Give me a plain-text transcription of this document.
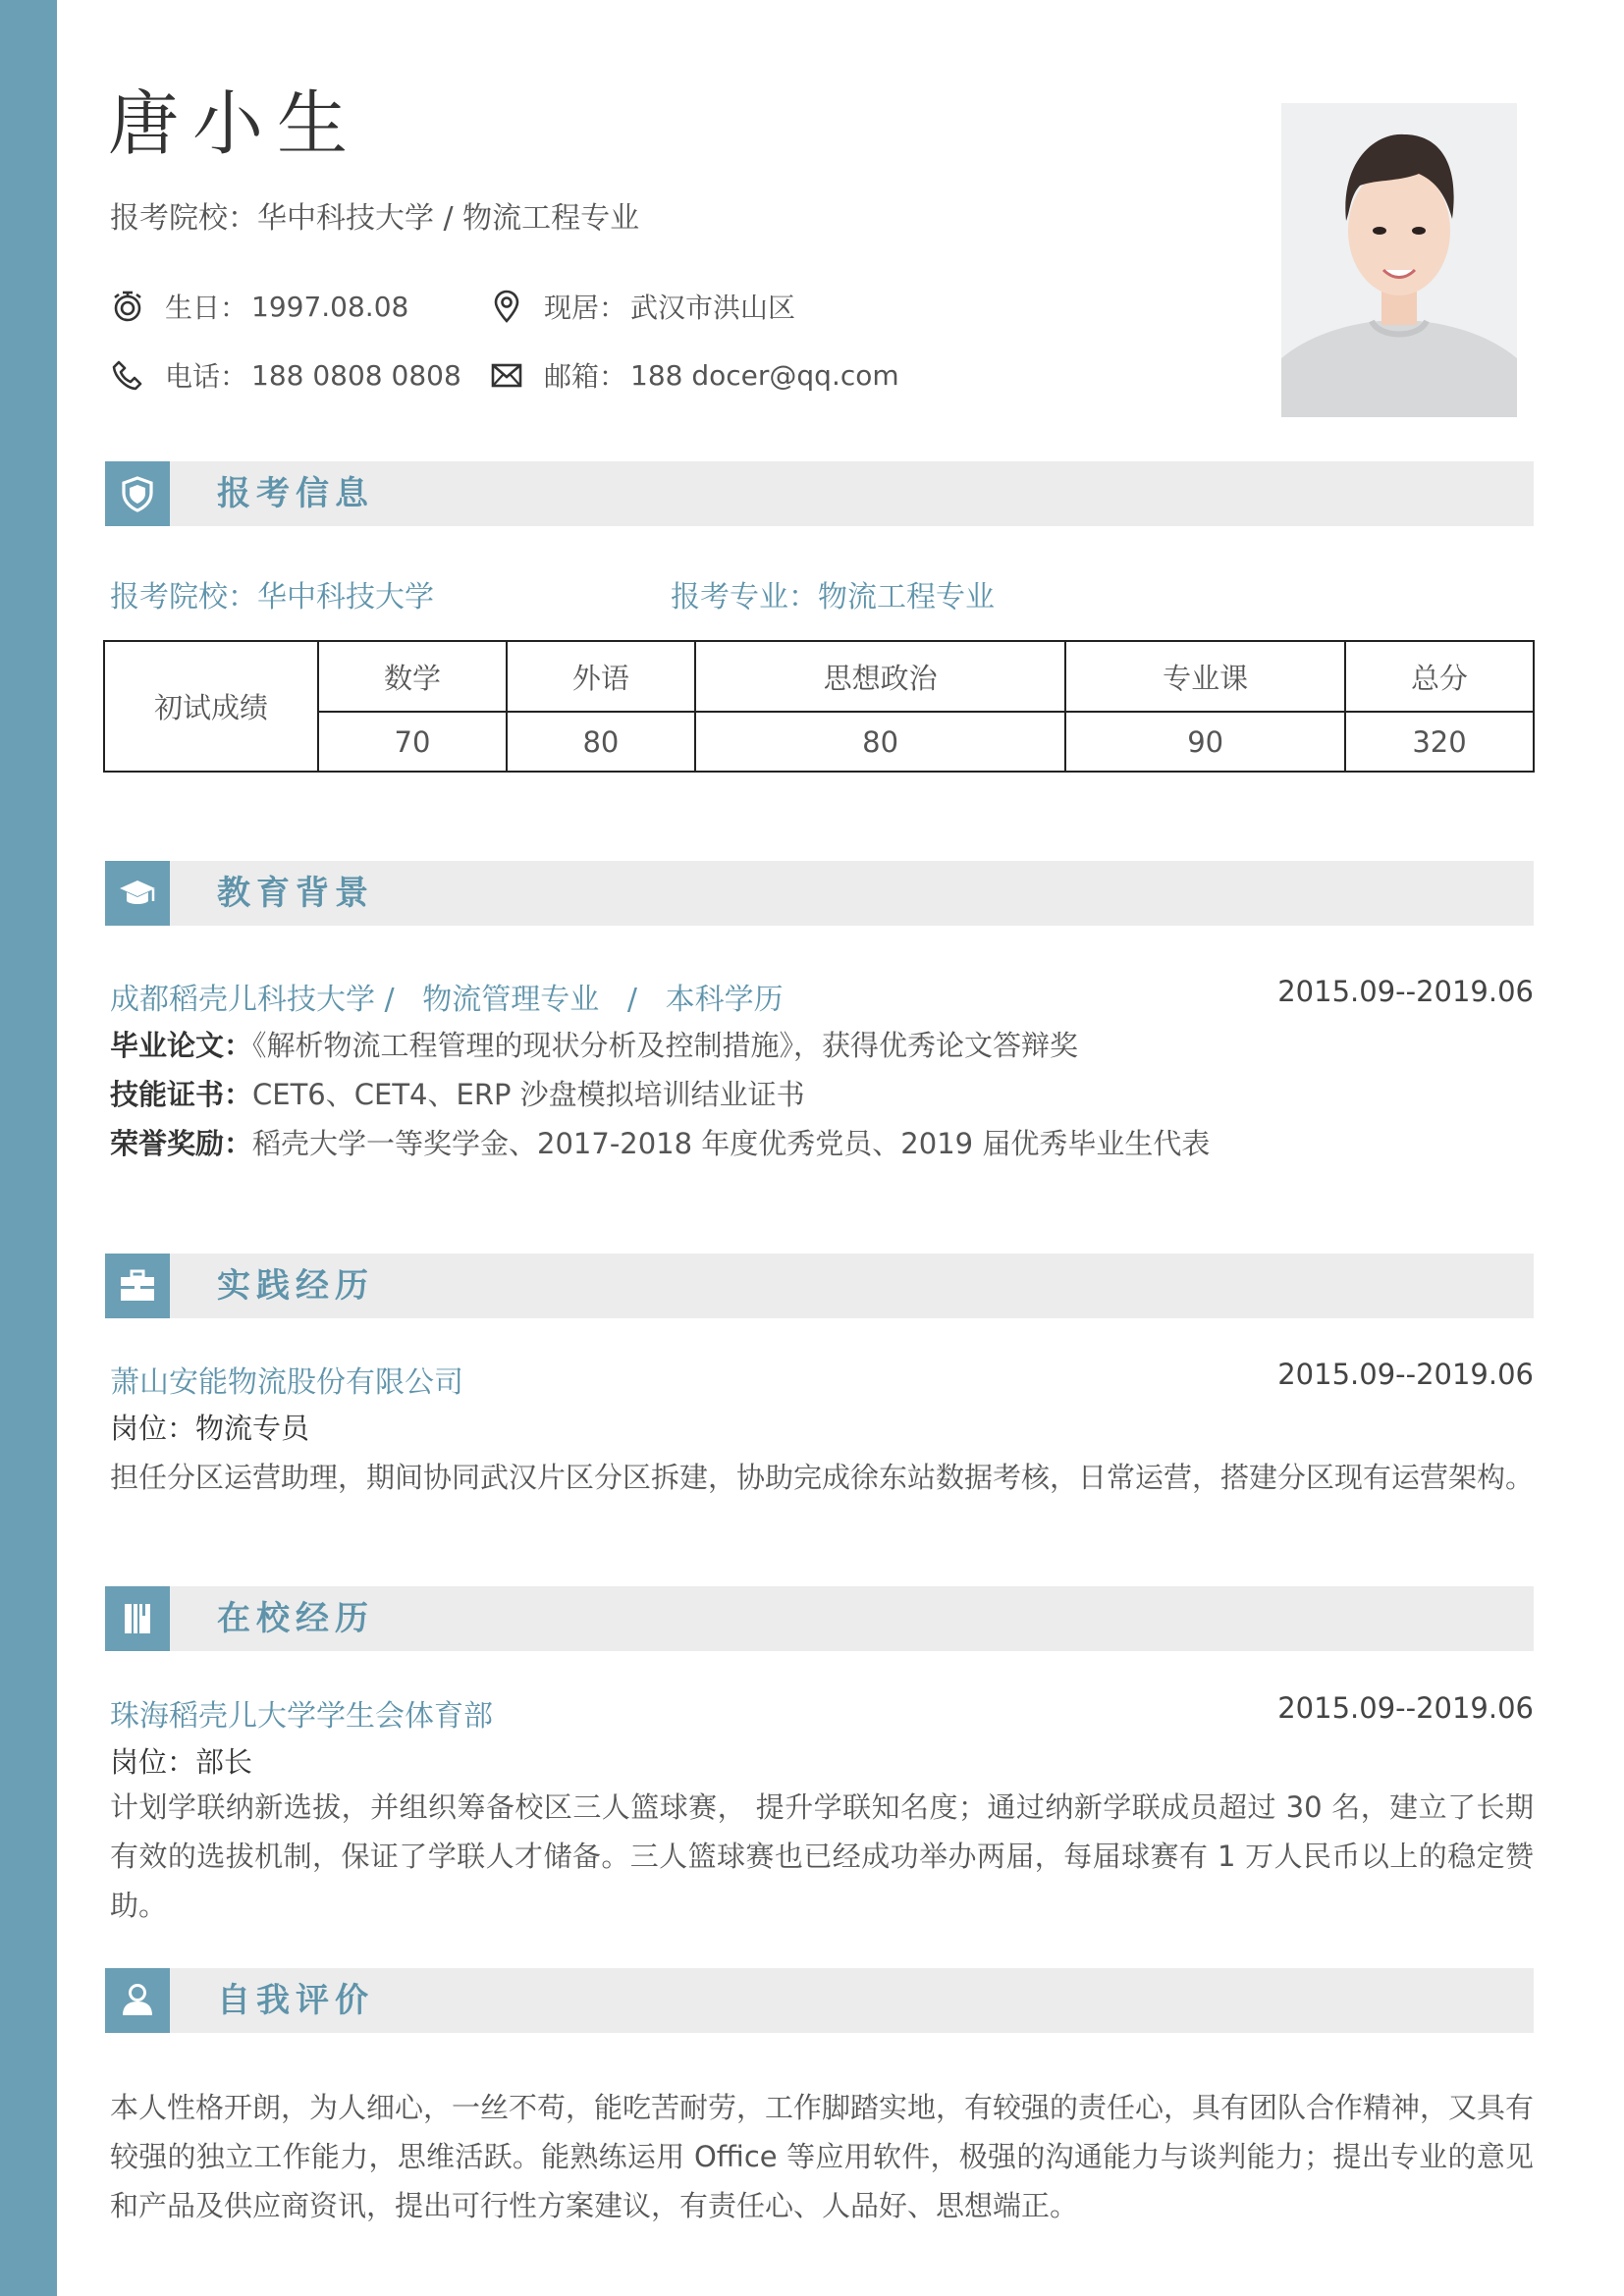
唐小生
报考院校：华中科技大学 / 物流工程专业
生日： 1997.08.08	现居： 武汉市洪山区
电话： 188 0808 0808	邮箱： 188 docer@qq.com
报考信息
报考院校：华中科技大学	报考专业：物流工程专业
初试成绩	数学	外语	思想政治	专业课	总分
	70	80	80	90	320
教育背景
成都稻壳儿科技大学 /   物流管理专业   /   本科学历	2015.09--2019.06
毕业论文：《解析物流工程管理的现状分析及控制措施》，获得优秀论文答辩奖
技能证书：CET6、CET4、ERP 沙盘模拟培训结业证书
荣誉奖励：稻壳大学一等奖学金、2017-2018 年度优秀党员、2019 届优秀毕业生代表
实践经历
萧山安能物流股份有限公司	2015.09--2019.06
岗位：物流专员
担任分区运营助理，期间协同武汉片区分区拆建，协助完成徐东站数据考核，日常运营，搭建分区现有运营架构。
在校经历
珠海稻壳儿大学学生会体育部	2015.09--2019.06
岗位：部长
计划学联纳新选拔，并组织筹备校区三人篮球赛， 提升学联知名度；通过纳新学联成员超过 30 名，建立了长期有效的选拔机制，保证了学联人才储备。三人篮球赛也已经成功举办两届，每届球赛有 1 万人民币以上的稳定赞助。
自我评价
本人性格开朗，为人细心，一丝不苟，能吃苦耐劳，工作脚踏实地，有较强的责任心，具有团队合作精神，又具有较强的独立工作能力，思维活跃。能熟练运用 Office 等应用软件，极强的沟通能力与谈判能力；提出专业的意见和产品及供应商资讯，提出可行性方案建议，有责任心、人品好、思想端正。
